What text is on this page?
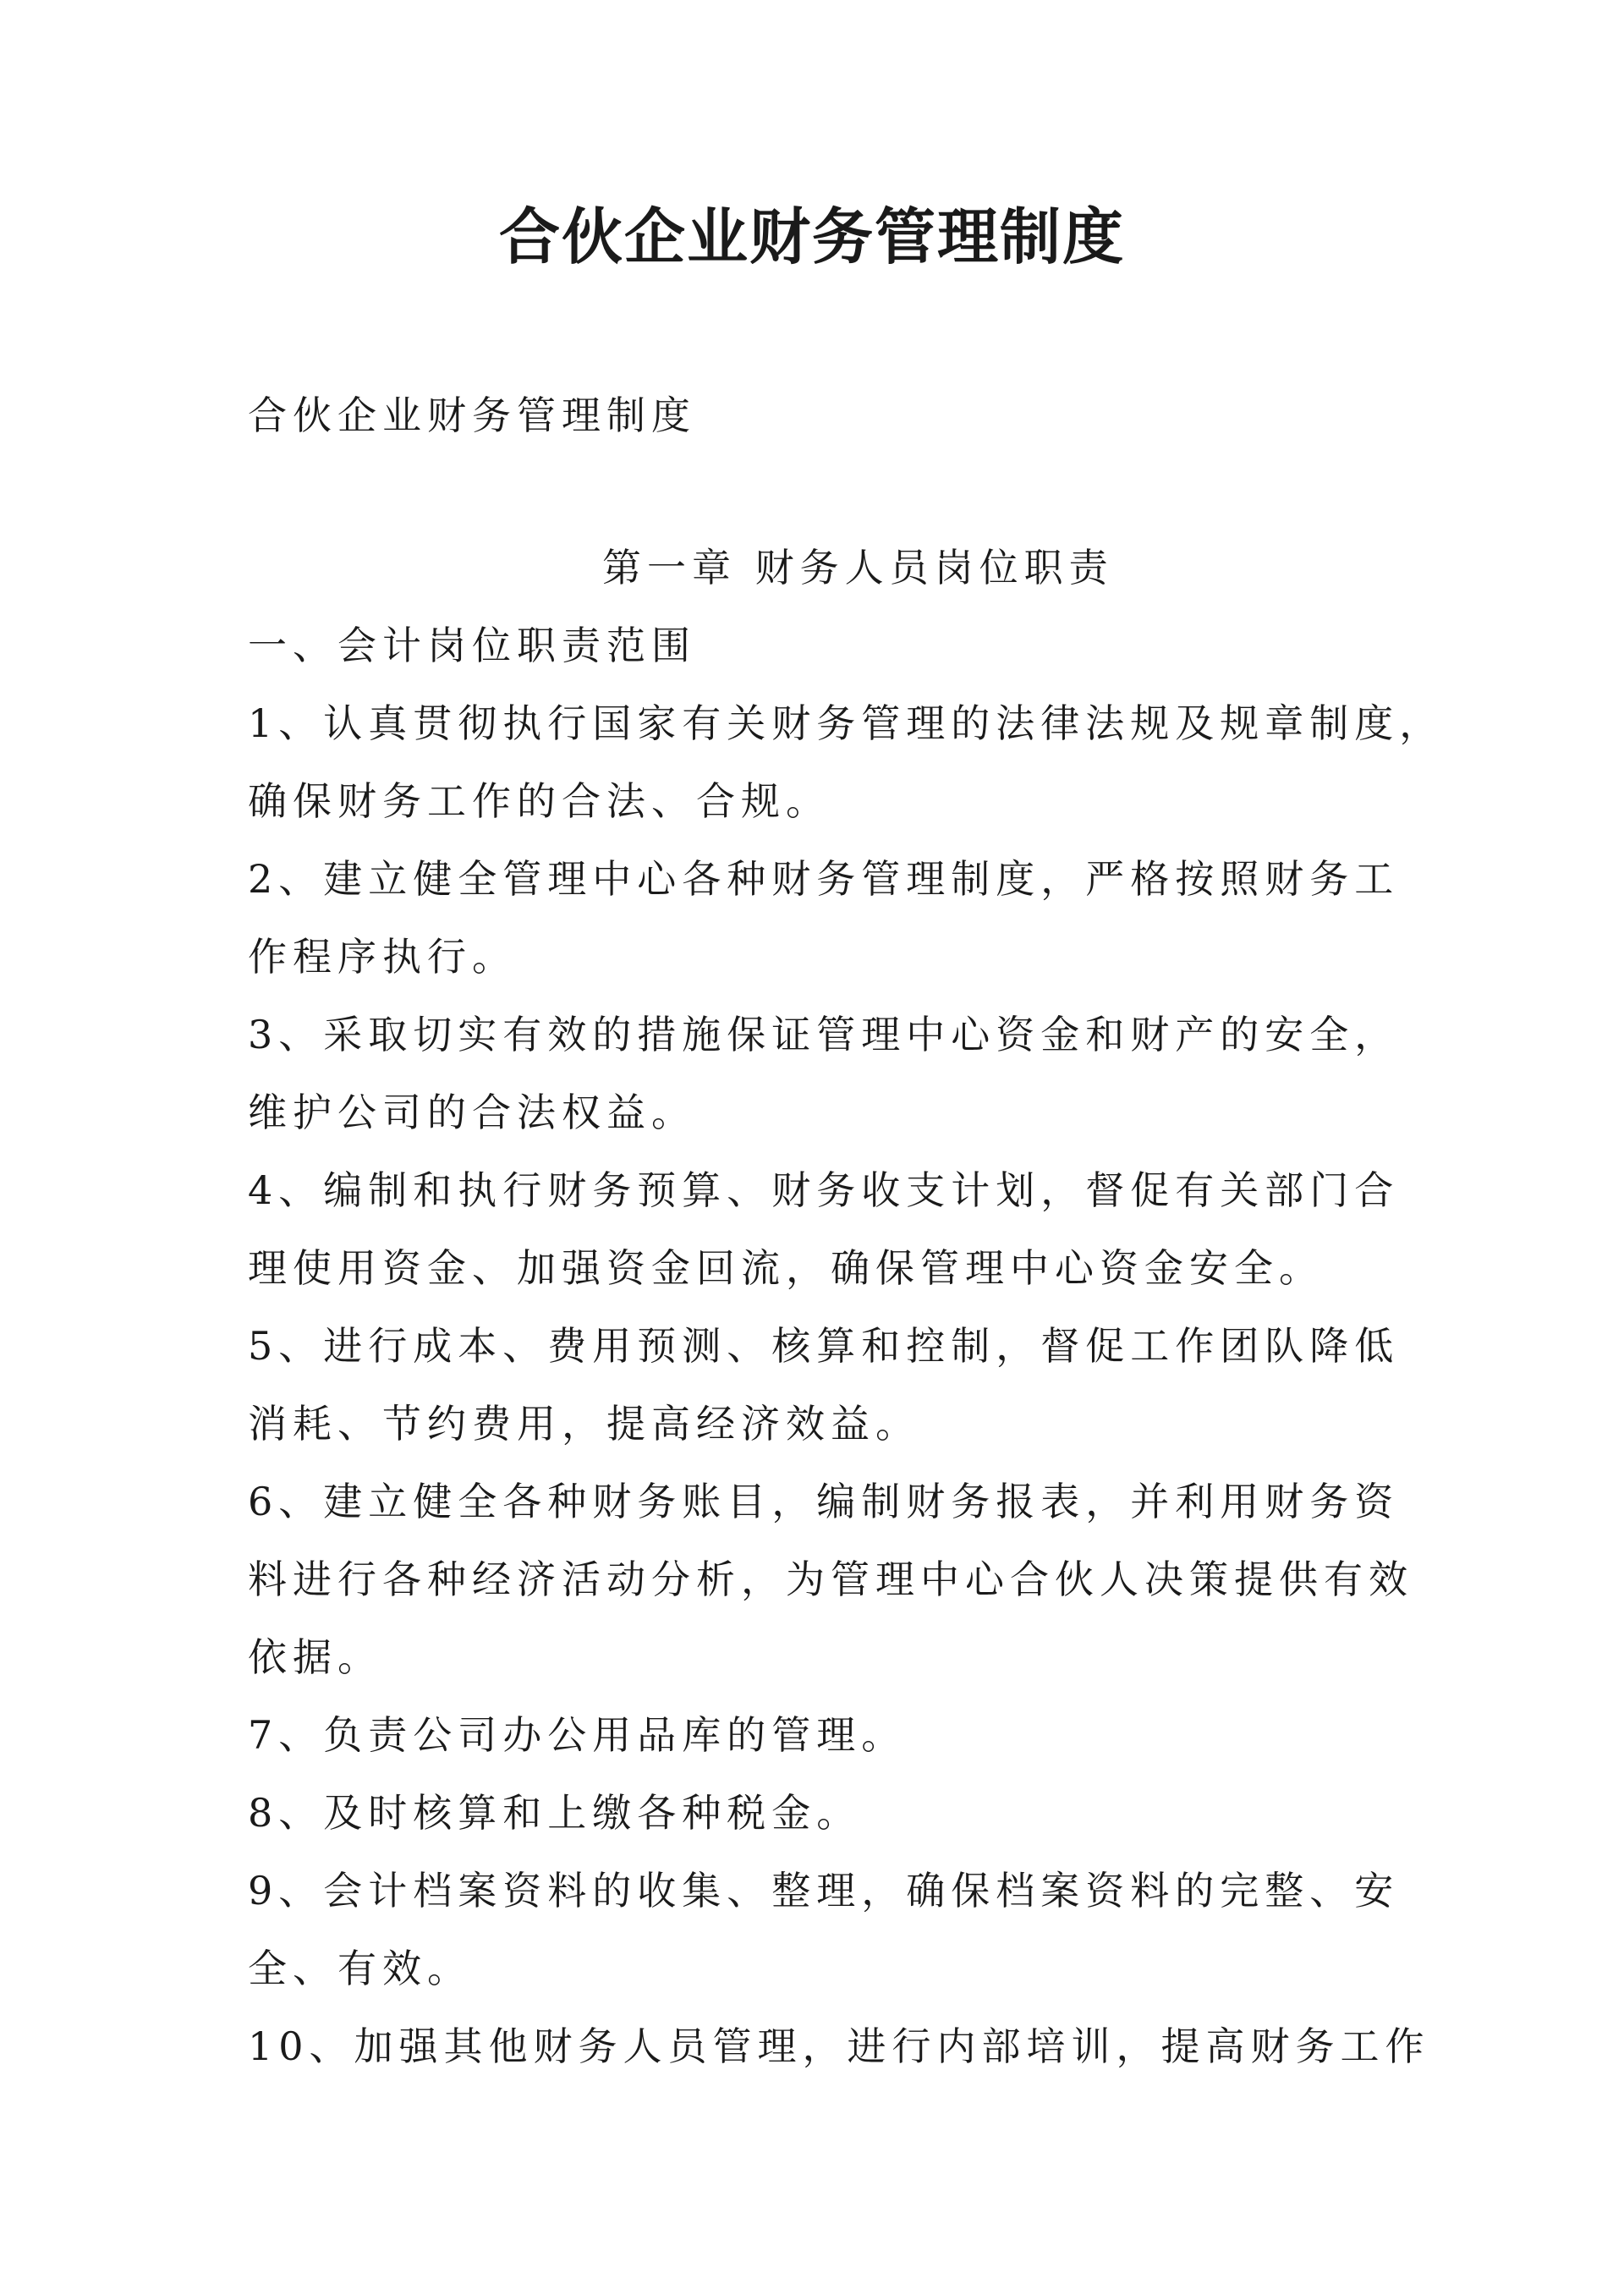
合伙企业财务管理制度

合伙企业财务管理制度

第一章 财务人员岗位职责

一、会计岗位职责范围

1、认真贯彻执行国家有关财务管理的法律法规及规章制度，
确保财务工作的合法、合规。
2、建立健全管理中心各种财务管理制度，严格按照财务工
作程序执行。
3、采取切实有效的措施保证管理中心资金和财产的安全，
维护公司的合法权益。
4、编制和执行财务预算、财务收支计划，督促有关部门合
理使用资金、加强资金回流，确保管理中心资金安全。
5、进行成本、费用预测、核算和控制，督促工作团队降低
消耗、节约费用，提高经济效益。
6、建立健全各种财务账目，编制财务报表，并利用财务资
料进行各种经济活动分析，为管理中心合伙人决策提供有效
依据。
7、负责公司办公用品库的管理。
8、及时核算和上缴各种税金。
9、会计档案资料的收集、整理，确保档案资料的完整、安
全、有效。
10、加强其他财务人员管理，进行内部培训，提高财务工作
